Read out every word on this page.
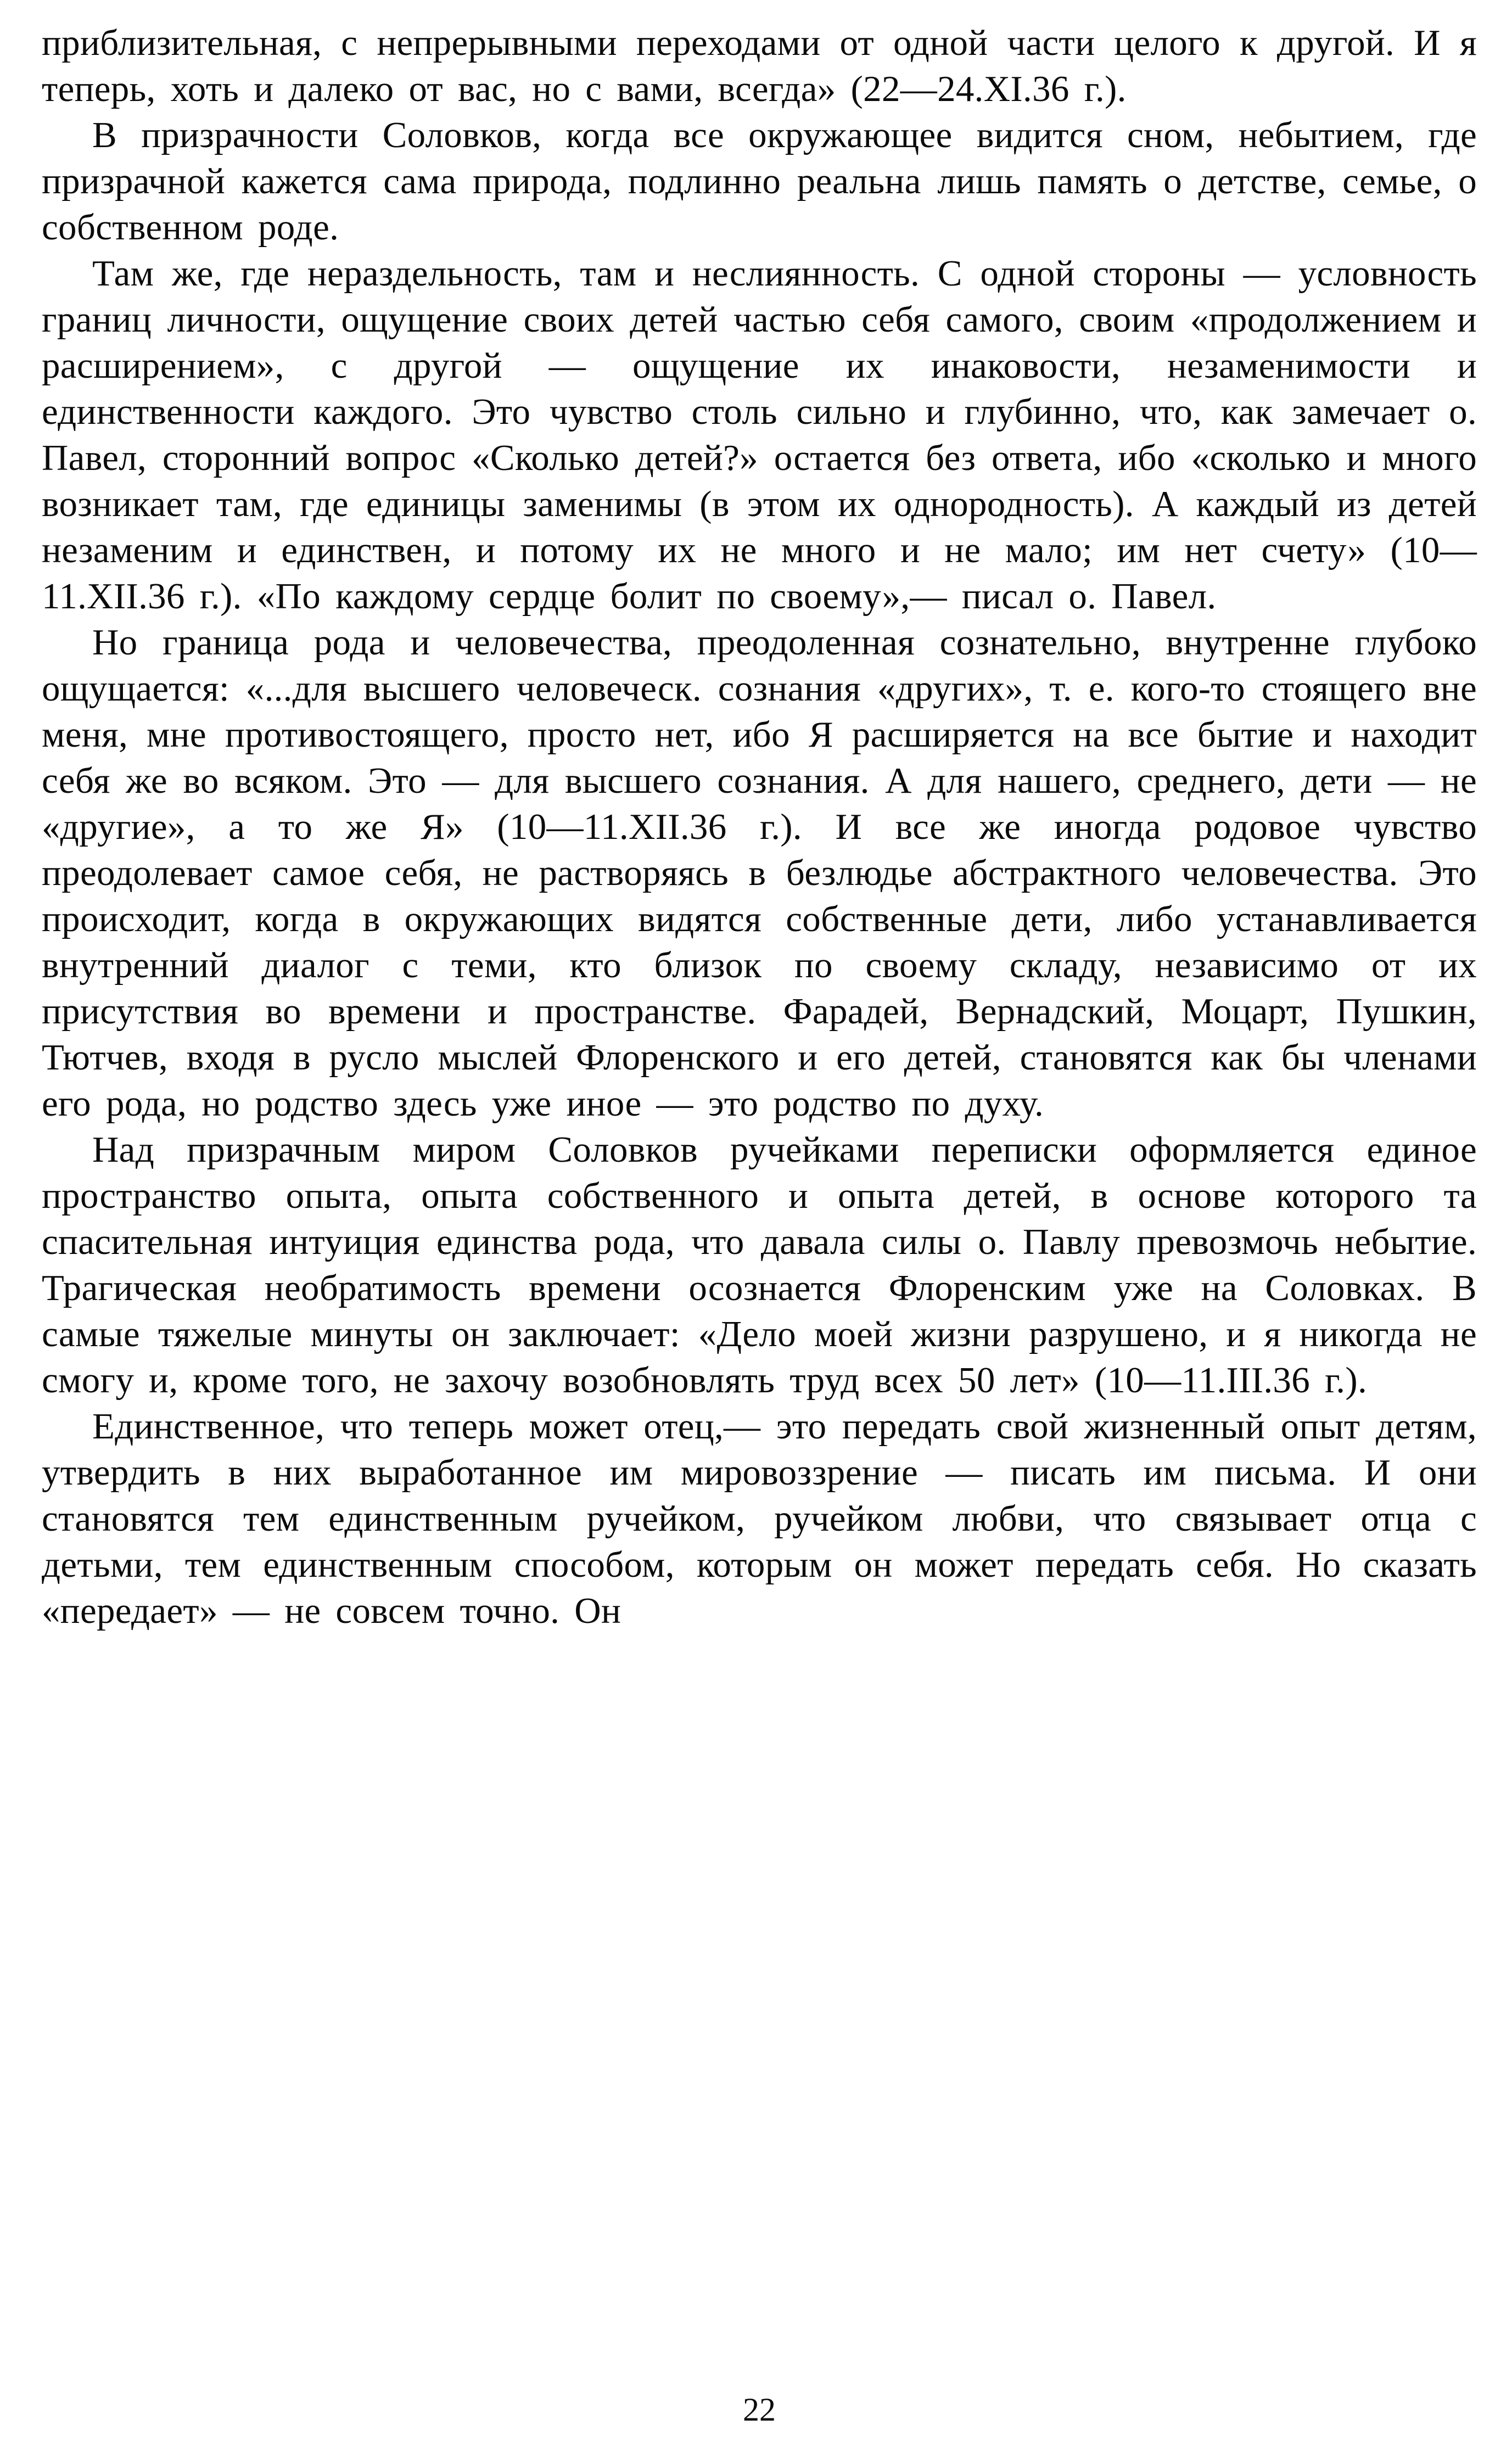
приблизительная, с непрерывными переходами от одной части целого к другой. И я теперь, хоть и далеко от вас, но с вами, всегда» (22—24.XI.36 г.).

В призрачности Соловков, когда все окружающее видится сном, небытием, где призрачной кажется сама природа, подлинно реальна лишь память о детстве, семье, о собственном роде.

Там же, где нераздельность, там и неслиянность. С одной стороны — условность границ личности, ощущение своих детей частью себя самого, своим «продолжением и расширением», с другой — ощущение их инаковости, незаменимости и единственности каждого. Это чувство столь сильно и глубинно, что, как замечает о. Павел, сторонний вопрос «Сколько детей?» остается без ответа, ибо «сколько и много возникает там, где единицы заменимы (в этом их однородность). А каждый из детей незаменим и единствен, и потому их не много и не мало; им нет счету» (10—11.XII.36 г.). «По каждому сердце болит по своему»,— писал о. Павел.

Но граница рода и человечества, преодоленная сознательно, внутренне глубоко ощущается: «...для высшего человеческ. сознания «других», т. е. кого-то стоящего вне меня, мне противостоящего, просто нет, ибо Я расширяется на все бытие и находит себя же во всяком. Это — для высшего сознания. А для нашего, среднего, дети — не «другие», а то же Я» (10—11.XII.36 г.). И все же иногда родовое чувство преодолевает самое себя, не растворяясь в безлюдье абстрактного человечества. Это происходит, когда в окружающих видятся собственные дети, либо устанавливается внутренний диалог с теми, кто близок по своему складу, независимо от их присутствия во времени и пространстве. Фарадей, Вернадский, Моцарт, Пушкин, Тютчев, входя в русло мыслей Флоренского и его детей, становятся как бы членами его рода, но родство здесь уже иное — это родство по духу.

Над призрачным миром Соловков ручейками переписки оформляется единое пространство опыта, опыта собственного и опыта детей, в основе которого та спасительная интуиция единства рода, что давала силы о. Павлу превозмочь небытие. Трагическая необратимость времени осознается Флоренским уже на Соловках. В самые тяжелые минуты он заключает: «Дело моей жизни разрушено, и я никогда не смогу и, кроме того, не захочу возобновлять труд всех 50 лет» (10—11.III.36 г.).

Единственное, что теперь может отец,— это передать свой жизненный опыт детям, утвердить в них выработанное им мировоззрение — писать им письма. И они становятся тем единственным ручейком, ручейком любви, что связывает отца с детьми, тем единственным способом, которым он может передать себя. Но сказать «передает» — не совсем точно. Он

22
